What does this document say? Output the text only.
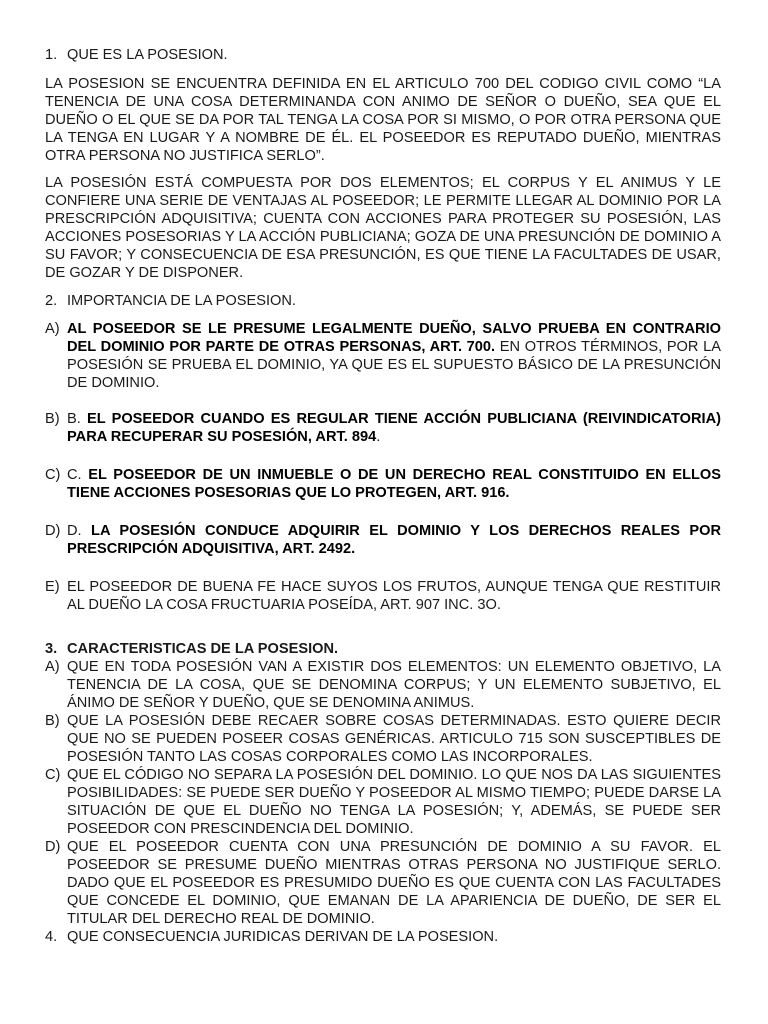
1. QUE ES LA POSESION.

LA POSESION SE ENCUENTRA DEFINIDA EN EL ARTICULO 700 DEL CODIGO CIVIL COMO “LA TENENCIA DE UNA COSA DETERMINANDA CON ANIMO DE SEÑOR O DUEÑO, SEA QUE EL DUEÑO O EL QUE SE DA POR TAL TENGA LA COSA POR SI MISMO, O POR OTRA PERSONA QUE LA TENGA EN LUGAR Y A NOMBRE DE ÉL. EL POSEEDOR ES REPUTADO DUEÑO, MIENTRAS OTRA PERSONA NO JUSTIFICA SERLO”.

LA POSESIÓN ESTÁ COMPUESTA POR DOS ELEMENTOS; EL CORPUS Y EL ANIMUS Y LE CONFIERE UNA SERIE DE VENTAJAS AL POSEEDOR; LE PERMITE LLEGAR AL DOMINIO POR LA PRESCRIPCIÓN ADQUISITIVA; CUENTA CON ACCIONES PARA PROTEGER SU POSESIÓN, LAS ACCIONES POSESORIAS Y LA ACCIÓN PUBLICIANA; GOZA DE UNA PRESUNCIÓN DE DOMINIO A SU FAVOR; Y CONSECUENCIA DE ESA PRESUNCIÓN, ES QUE TIENE LA FACULTADES DE USAR, DE GOZAR Y DE DISPONER.

2. IMPORTANCIA DE LA POSESION.
A) AL POSEEDOR SE LE PRESUME LEGALMENTE DUEÑO, SALVO PRUEBA EN CONTRARIO DEL DOMINIO POR PARTE DE OTRAS PERSONAS, ART. 700. EN OTROS TÉRMINOS, POR LA POSESIÓN SE PRUEBA EL DOMINIO, YA QUE ES EL SUPUESTO BÁSICO DE LA PRESUNCIÓN DE DOMINIO.
B) B. EL POSEEDOR CUANDO ES REGULAR TIENE ACCIÓN PUBLICIANA (REIVINDICATORIA) PARA RECUPERAR SU POSESIÓN, ART. 894.
C) C. EL POSEEDOR DE UN INMUEBLE O DE UN DERECHO REAL CONSTITUIDO EN ELLOS TIENE ACCIONES POSESORIAS QUE LO PROTEGEN, ART. 916.
D) D. LA POSESIÓN CONDUCE ADQUIRIR EL DOMINIO Y LOS DERECHOS REALES POR PRESCRIPCIÓN ADQUISITIVA, ART. 2492.
E) EL POSEEDOR DE BUENA FE HACE SUYOS LOS FRUTOS, AUNQUE TENGA QUE RESTITUIR AL DUEÑO LA COSA FRUCTUARIA POSEÍDA, ART. 907 INC. 3O.
3. CARACTERISTICAS DE LA POSESION.
A) QUE EN TODA POSESIÓN VAN A EXISTIR DOS ELEMENTOS: UN ELEMENTO OBJETIVO, LA TENENCIA DE LA COSA, QUE SE DENOMINA CORPUS; Y UN ELEMENTO SUBJETIVO, EL ÁNIMO DE SEÑOR Y DUEÑO, QUE SE DENOMINA ANIMUS.
B) QUE LA POSESIÓN DEBE RECAER SOBRE COSAS DETERMINADAS. ESTO QUIERE DECIR QUE NO SE PUEDEN POSEER COSAS GENÉRICAS. ARTICULO 715 SON SUSCEPTIBLES DE POSESIÓN TANTO LAS COSAS CORPORALES COMO LAS INCORPORALES.
C) QUE EL CÓDIGO NO SEPARA LA POSESIÓN DEL DOMINIO. LO QUE NOS DA LAS SIGUIENTES POSIBILIDADES: SE PUEDE SER DUEÑO Y POSEEDOR AL MISMO TIEMPO; PUEDE DARSE LA SITUACIÓN DE QUE EL DUEÑO NO TENGA LA POSESIÓN; Y, ADEMÁS, SE PUEDE SER POSEEDOR CON PRESCINDENCIA DEL DOMINIO.
D) QUE EL POSEEDOR CUENTA CON UNA PRESUNCIÓN DE DOMINIO A SU FAVOR. EL POSEEDOR SE PRESUME DUEÑO MIENTRAS OTRAS PERSONA NO JUSTIFIQUE SERLO. DADO QUE EL POSEEDOR ES PRESUMIDO DUEÑO ES QUE CUENTA CON LAS FACULTADES QUE CONCEDE EL DOMINIO, QUE EMANAN DE LA APARIENCIA DE DUEÑO, DE SER EL TITULAR DEL DERECHO REAL DE DOMINIO.
4. QUE CONSECUENCIA JURIDICAS DERIVAN DE LA POSESION.
